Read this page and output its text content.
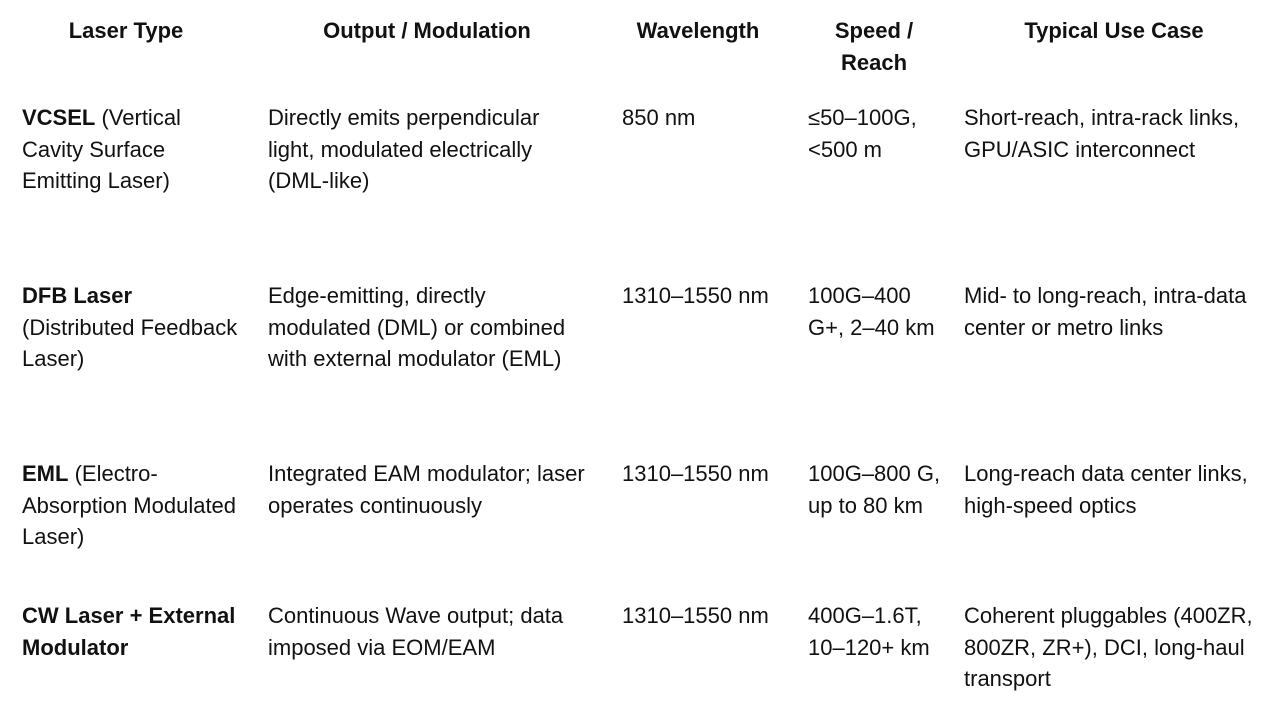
Laser Type	Output / Modulation	Wavelength	Speed / Reach	Typical Use Case
VCSEL (Vertical Cavity Surface Emitting Laser)	Directly emits perpendicular light, modulated electrically (DML-like)	850 nm	≤50–100G, <500 m	Short-reach, intra-rack links, GPU/ASIC interconnect
DFB Laser (Distributed Feedback Laser)	Edge-emitting, directly modulated (DML) or combined with external modulator (EML)	1310–1550 nm	100G–400 G+, 2–40 km	Mid- to long-reach, intra-data center or metro links
EML (Electro-Absorption Modulated Laser)	Integrated EAM modulator; laser operates continuously	1310–1550 nm	100G–800 G, up to 80 km	Long-reach data center links, high-speed optics
CW Laser + External Modulator	Continuous Wave output; data imposed via EOM/EAM	1310–1550 nm	400G–1.6T, 10–120+ km	Coherent pluggables (400ZR, 800ZR, ZR+), DCI, long-haul transport
